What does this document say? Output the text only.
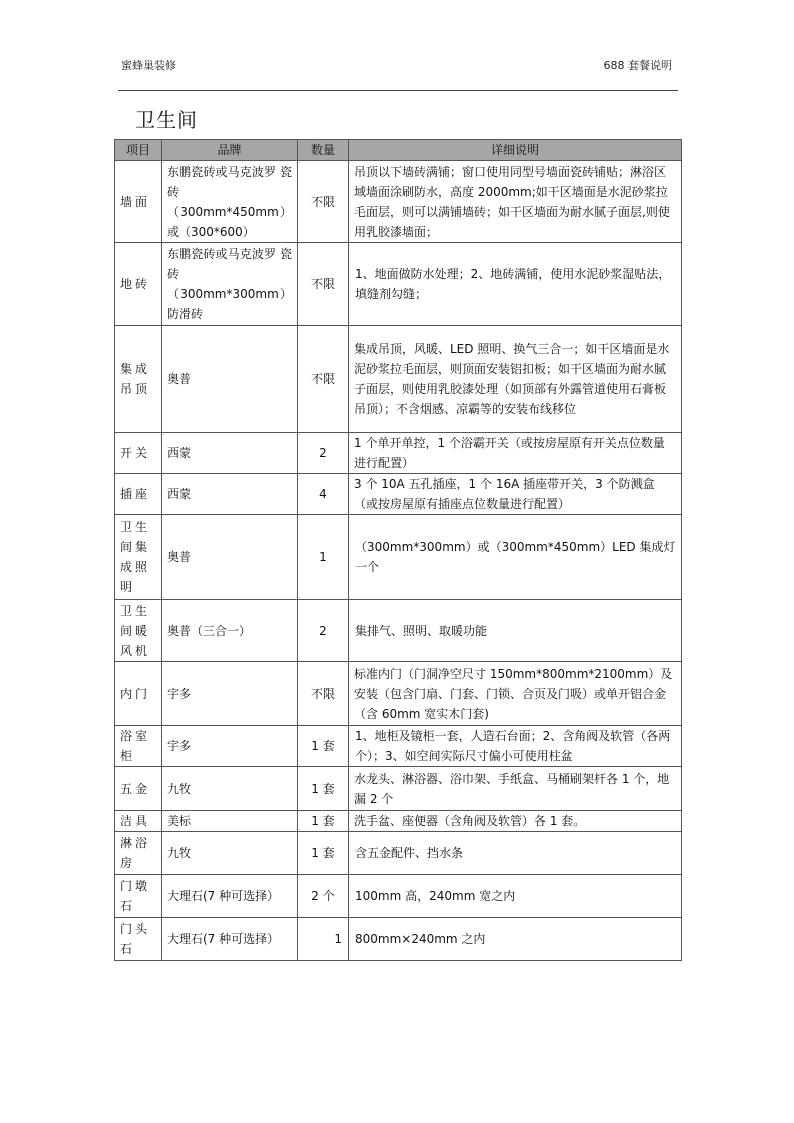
蜜蜂巢装修	688 套餐说明
卫生间
项目	品牌	数量	详细说明
墙面	东鹏瓷砖或马克波罗 瓷 砖（300mm*450mm）或（300*600）	不限	吊顶以下墙砖满铺；窗口使用同型号墙面瓷砖铺贴；淋浴区域墙面涂刷防水，高度 2000mm;如干区墙面是水泥砂浆拉毛面层，则可以满铺墙砖；如干区墙面为耐水腻子面层,则使用乳胶漆墙面；
地砖	东鹏瓷砖或马克波罗 瓷 砖（300mm*300mm）防滑砖	不限	1、地面做防水处理；2、地砖满铺，使用水泥砂浆湿贴法，填缝剂勾缝；
集成吊顶	奥普	不限	集成吊顶，风暖、LED 照明、换气三合一；如干区墙面是水泥砂浆拉毛面层，则顶面安装铝扣板；如干区墙面为耐水腻子面层，则使用乳胶漆处理（如顶部有外露管道使用石膏板吊顶）；不含烟感、凉霸等的安装布线移位
开关	西蒙	2	1 个单开单控，1 个浴霸开关（或按房屋原有开关点位数量进行配置）
插座	西蒙	4	3 个 10A 五孔插座，1 个 16A 插座带开关，3 个防溅盒（或按房屋原有插座点位数量进行配置）
卫生间集成照明	奥普	1	（300mm*300mm）或（300mm*450mm）LED 集成灯一个
卫生间暖风机	奥普（三合一）	2	集排气、照明、取暖功能
内门	宇多	不限	标准内门（门洞净空尺寸 150mm*800mm*2100mm）及安装（包含门扇、门套、门锁、合页及门吸）或单开铝合金（含 60mm 宽实木门套)
浴室柜	宇多	1 套	1、地柜及镜柜一套，人造石台面；2、含角阀及软管（各两个）；3、如空间实际尺寸偏小可使用柱盆
五金	九牧	1 套	水龙头、淋浴器、浴巾架、手纸盒、马桶刷架杆各 1 个，地漏 2 个
洁具	美标	1 套	洗手盆、座便器（含角阀及软管）各 1 套。
淋浴房	九牧	1 套	含五金配件、挡水条
门墩石	大理石(7 种可选择）	2 个	100mm 高，240mm 宽之内
门头石	大理石(7 种可选择）	1	800mm×240mm 之内
